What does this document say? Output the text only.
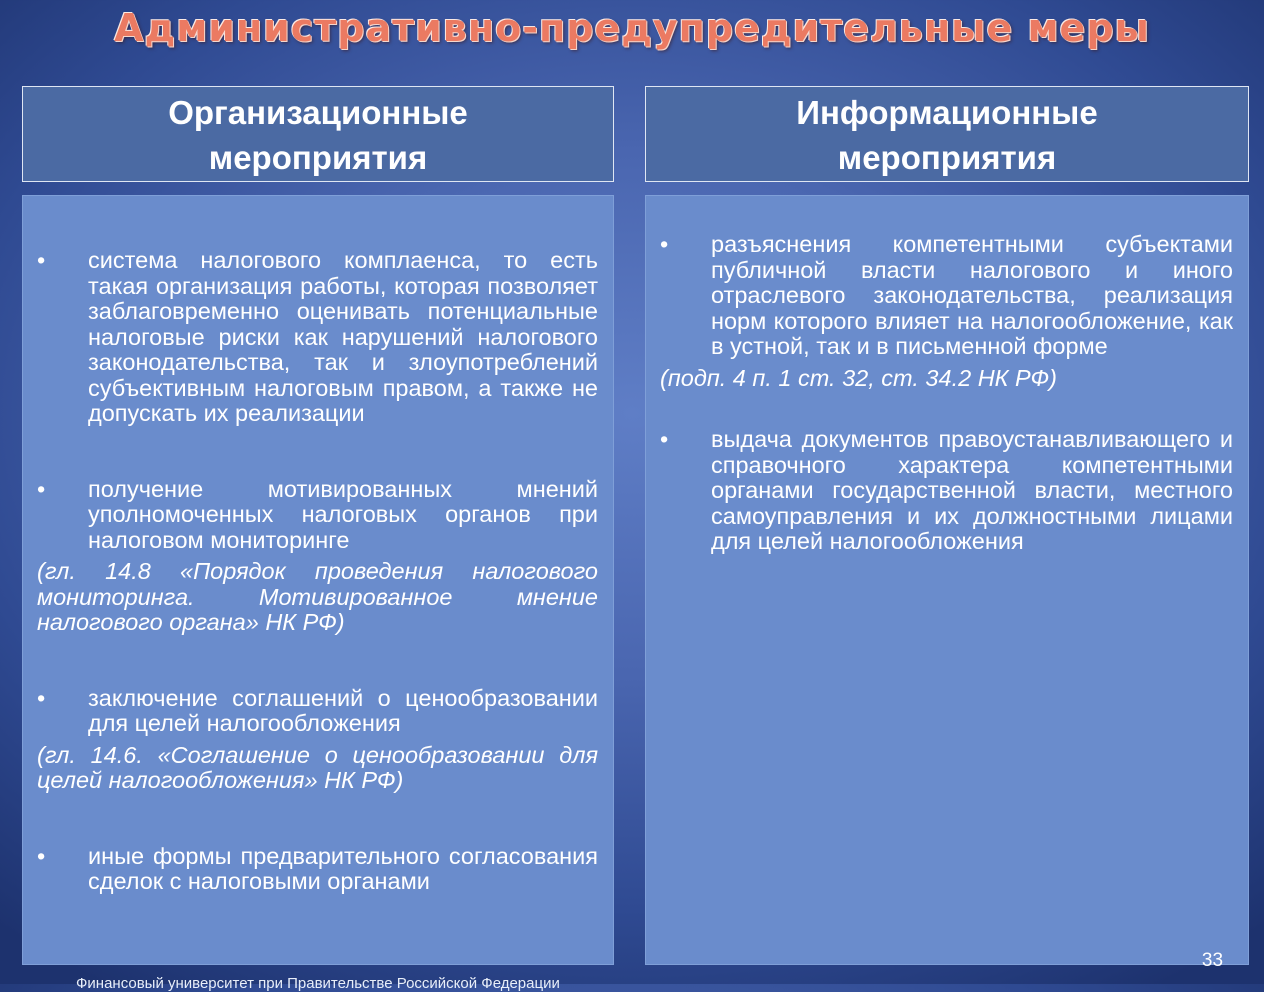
Административно-предупредительные меры
Организационные
мероприятия
Информационные
мероприятия
•	система налогового комплаенса, то есть такая организация работы, которая позволяет заблаговременно оценивать потенциальные налоговые риски как нарушений налогового законодательства, так и злоупотреблений субъективным налоговым правом, а также не допускать их реализации
•	получение мотивированных мнений уполномоченных налоговых органов при налоговом мониторинге
(гл. 14.8 «Порядок проведения налогового мониторинга. Мотивированное мнение налогового органа» НК РФ)
•	заключение соглашений о ценообразовании для целей налогообложения
(гл. 14.6. «Соглашение о ценообразовании для целей налогообложения» НК РФ)
•	иные формы предварительного согласования сделок с налоговыми органами
•	разъяснения компетентными субъектами публичной власти налогового и иного отраслевого законодательства, реализация норм которого влияет на налогообложение, как в устной, так и в письменной форме
(подп. 4 п. 1 ст. 32, ст. 34.2 НК РФ)
•	выдача документов правоустанавливающего и справочного характера компетентными органами государственной власти, местного самоуправления и их должностными лицами для целей налогообложения
33
Финансовый университет при Правительстве Российской Федерации
